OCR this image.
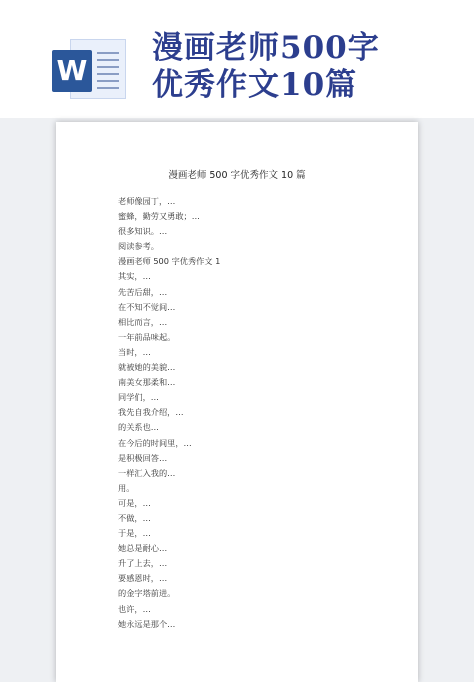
W
漫画老师500字
优秀作文10篇
漫画老师 500 字优秀作文 10 篇
老师像园丁，…
蜜蜂，勤劳又勇敢；…
很多知识。…
阅读参考。
漫画老师 500 字优秀作文 1
其实，…
先苦后甜，…
在不知不觉间…
相比而言，…
一年前品味起。
当时，…
就被她的美貌…
南美女那柔和…
同学们，…
我先自我介绍，…
的关系也…
在今后的时间里，…
是积极回答…
一样汇入我的…
用。
可是，…
不做，…
于是，…
她总是耐心…
升了上去，…
要感恩时，…
的金字塔前进。
也许，…
她永远是那个…
